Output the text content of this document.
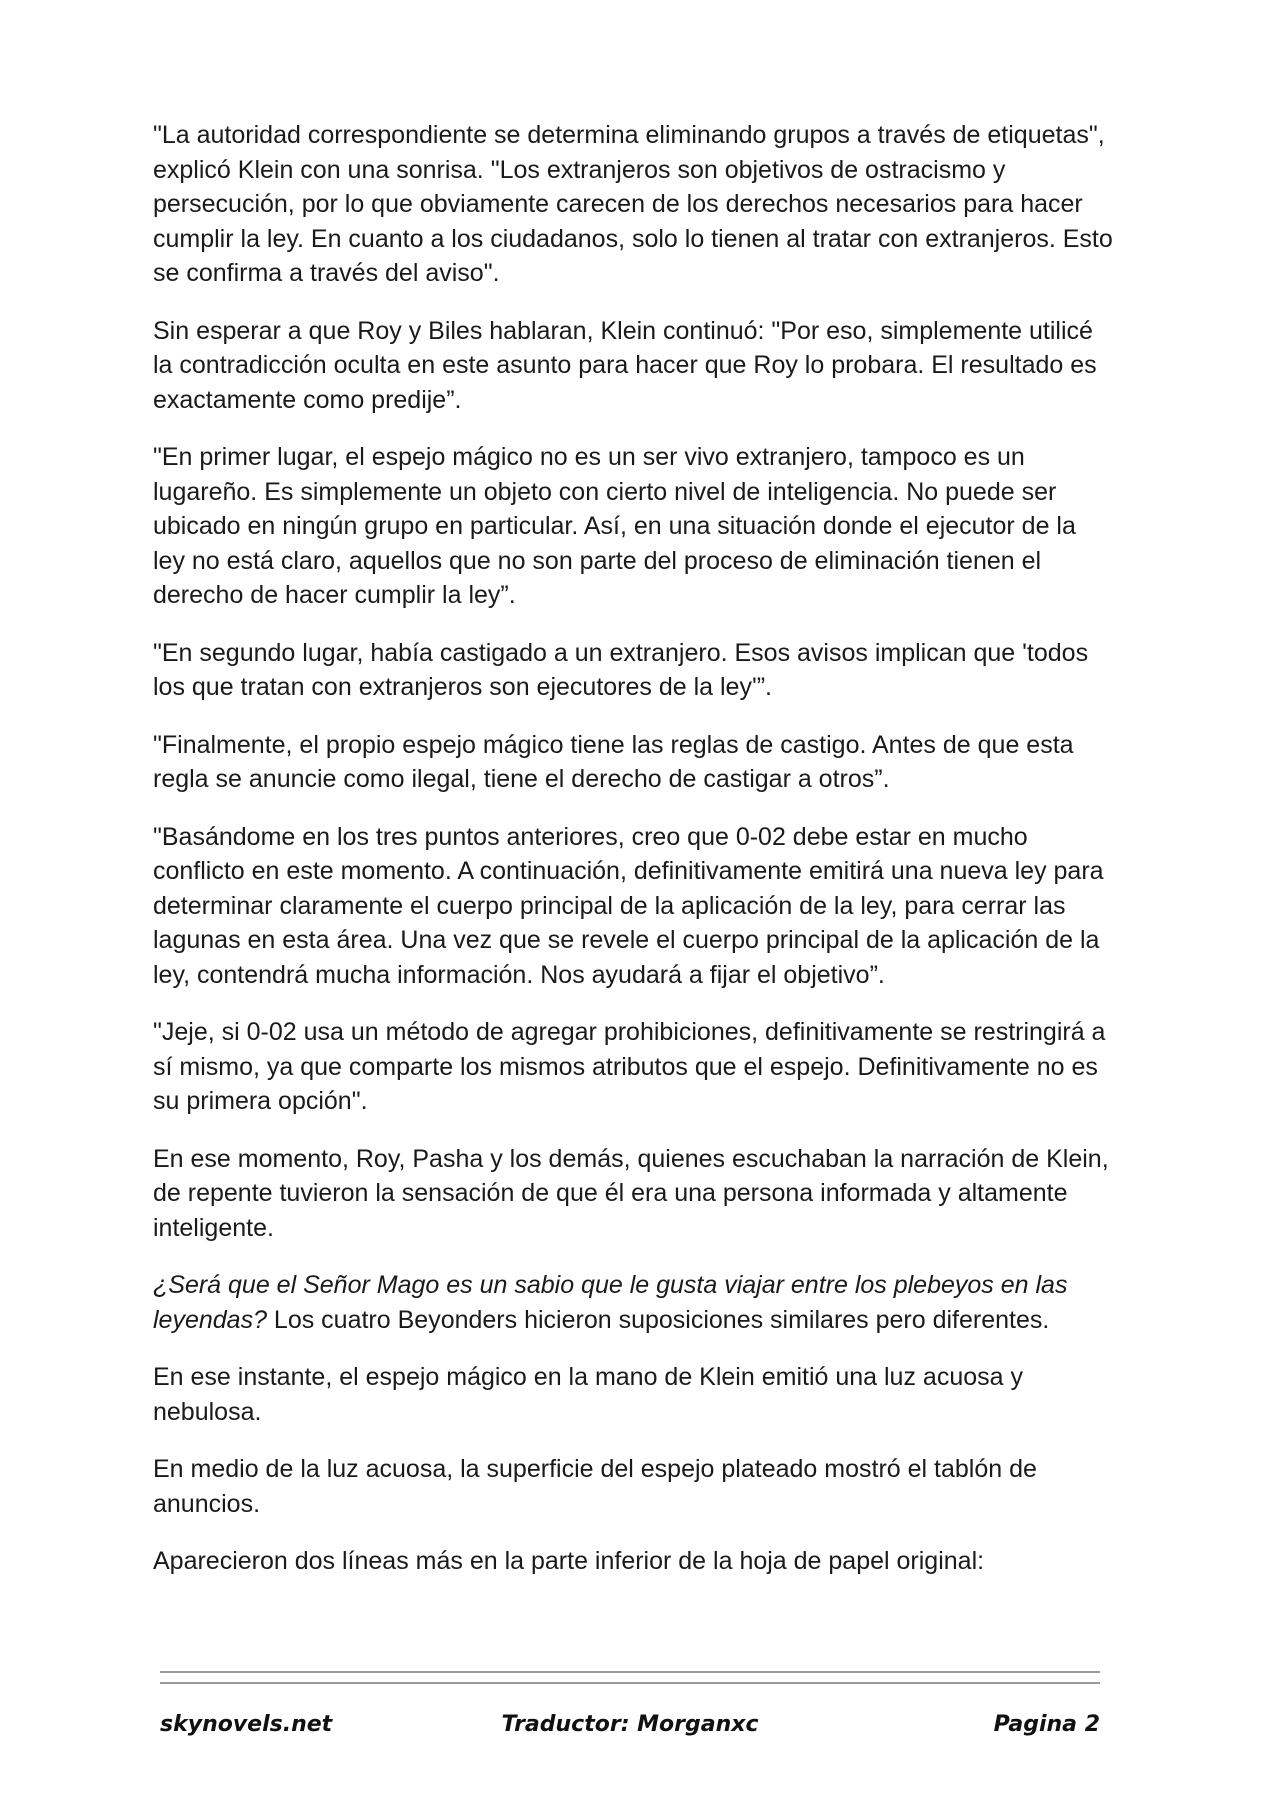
"La autoridad correspondiente se determina eliminando grupos a través de etiquetas", explicó Klein con una sonrisa. "Los extranjeros son objetivos de ostracismo y persecución, por lo que obviamente carecen de los derechos necesarios para hacer cumplir la ley. En cuanto a los ciudadanos, solo lo tienen al tratar con extranjeros. Esto se confirma a través del aviso".

Sin esperar a que Roy y Biles hablaran, Klein continuó: "Por eso, simplemente utilicé la contradicción oculta en este asunto para hacer que Roy lo probara. El resultado es exactamente como predije”.

"En primer lugar, el espejo mágico no es un ser vivo extranjero, tampoco es un lugareño. Es simplemente un objeto con cierto nivel de inteligencia. No puede ser ubicado en ningún grupo en particular. Así, en una situación donde el ejecutor de la ley no está claro, aquellos que no son parte del proceso de eliminación tienen el derecho de hacer cumplir la ley”.

"En segundo lugar, había castigado a un extranjero. Esos avisos implican que 'todos los que tratan con extranjeros son ejecutores de la ley'”.

"Finalmente, el propio espejo mágico tiene las reglas de castigo. Antes de que esta regla se anuncie como ilegal, tiene el derecho de castigar a otros”.

"Basándome en los tres puntos anteriores, creo que 0-02 debe estar en mucho conflicto en este momento. A continuación, definitivamente emitirá una nueva ley para determinar claramente el cuerpo principal de la aplicación de la ley, para cerrar las lagunas en esta área. Una vez que se revele el cuerpo principal de la aplicación de la ley, contendrá mucha información. Nos ayudará a fijar el objetivo”.

"Jeje, si 0-02 usa un método de agregar prohibiciones, definitivamente se restringirá a sí mismo, ya que comparte los mismos atributos que el espejo. Definitivamente no es su primera opción".

En ese momento, Roy, Pasha y los demás, quienes escuchaban la narración de Klein, de repente tuvieron la sensación de que él era una persona informada y altamente inteligente.

¿Será que el Señor Mago es un sabio que le gusta viajar entre los plebeyos en las leyendas? Los cuatro Beyonders hicieron suposiciones similares pero diferentes.

En ese instante, el espejo mágico en la mano de Klein emitió una luz acuosa y nebulosa.

En medio de la luz acuosa, la superficie del espejo plateado mostró el tablón de anuncios.

Aparecieron dos líneas más en la parte inferior de la hoja de papel original:

skynovels.net	Traductor: Morganxc	Pagina 2
